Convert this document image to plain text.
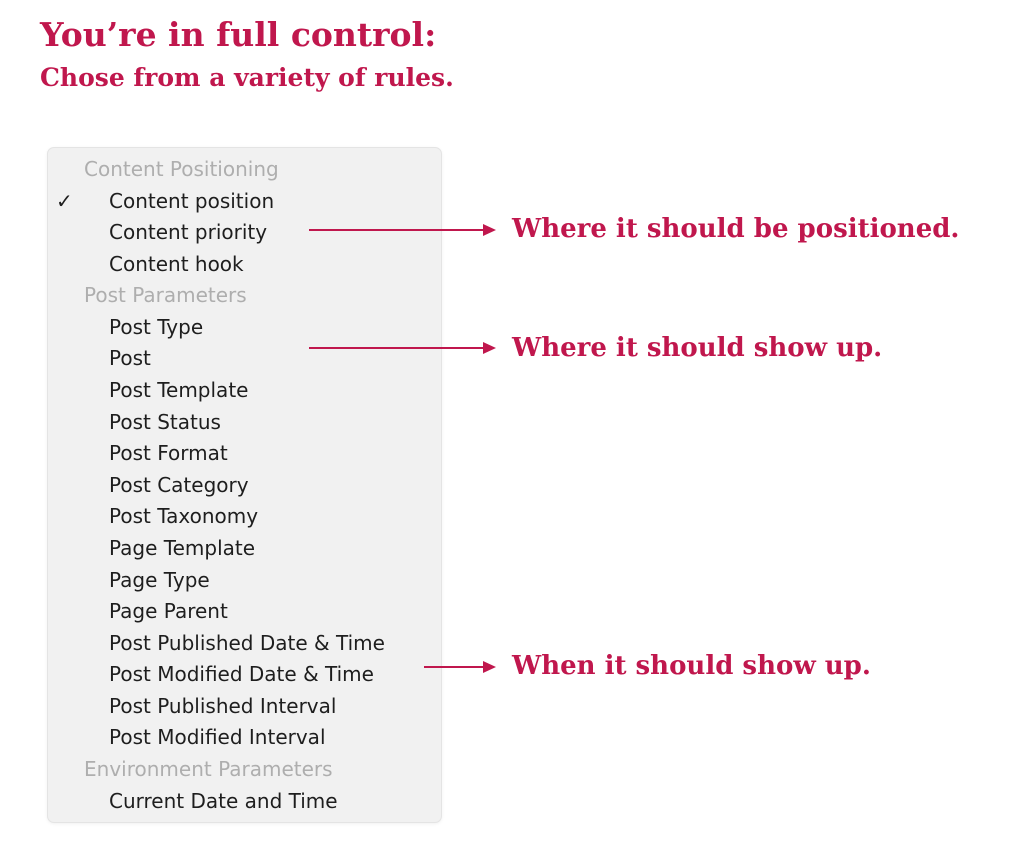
You’re in full control:
Chose from a variety of rules.
Content Positioning
✓ Content position
Content priority
Content hook
Post Parameters
Post Type
Post
Post Template
Post Status
Post Format
Post Category
Post Taxonomy
Page Template
Page Type
Page Parent
Post Published Date & Time
Post Modified Date & Time
Post Published Interval
Post Modified Interval
Environment Parameters
Current Date and Time
Where it should be positioned.
Where it should show up.
When it should show up.
